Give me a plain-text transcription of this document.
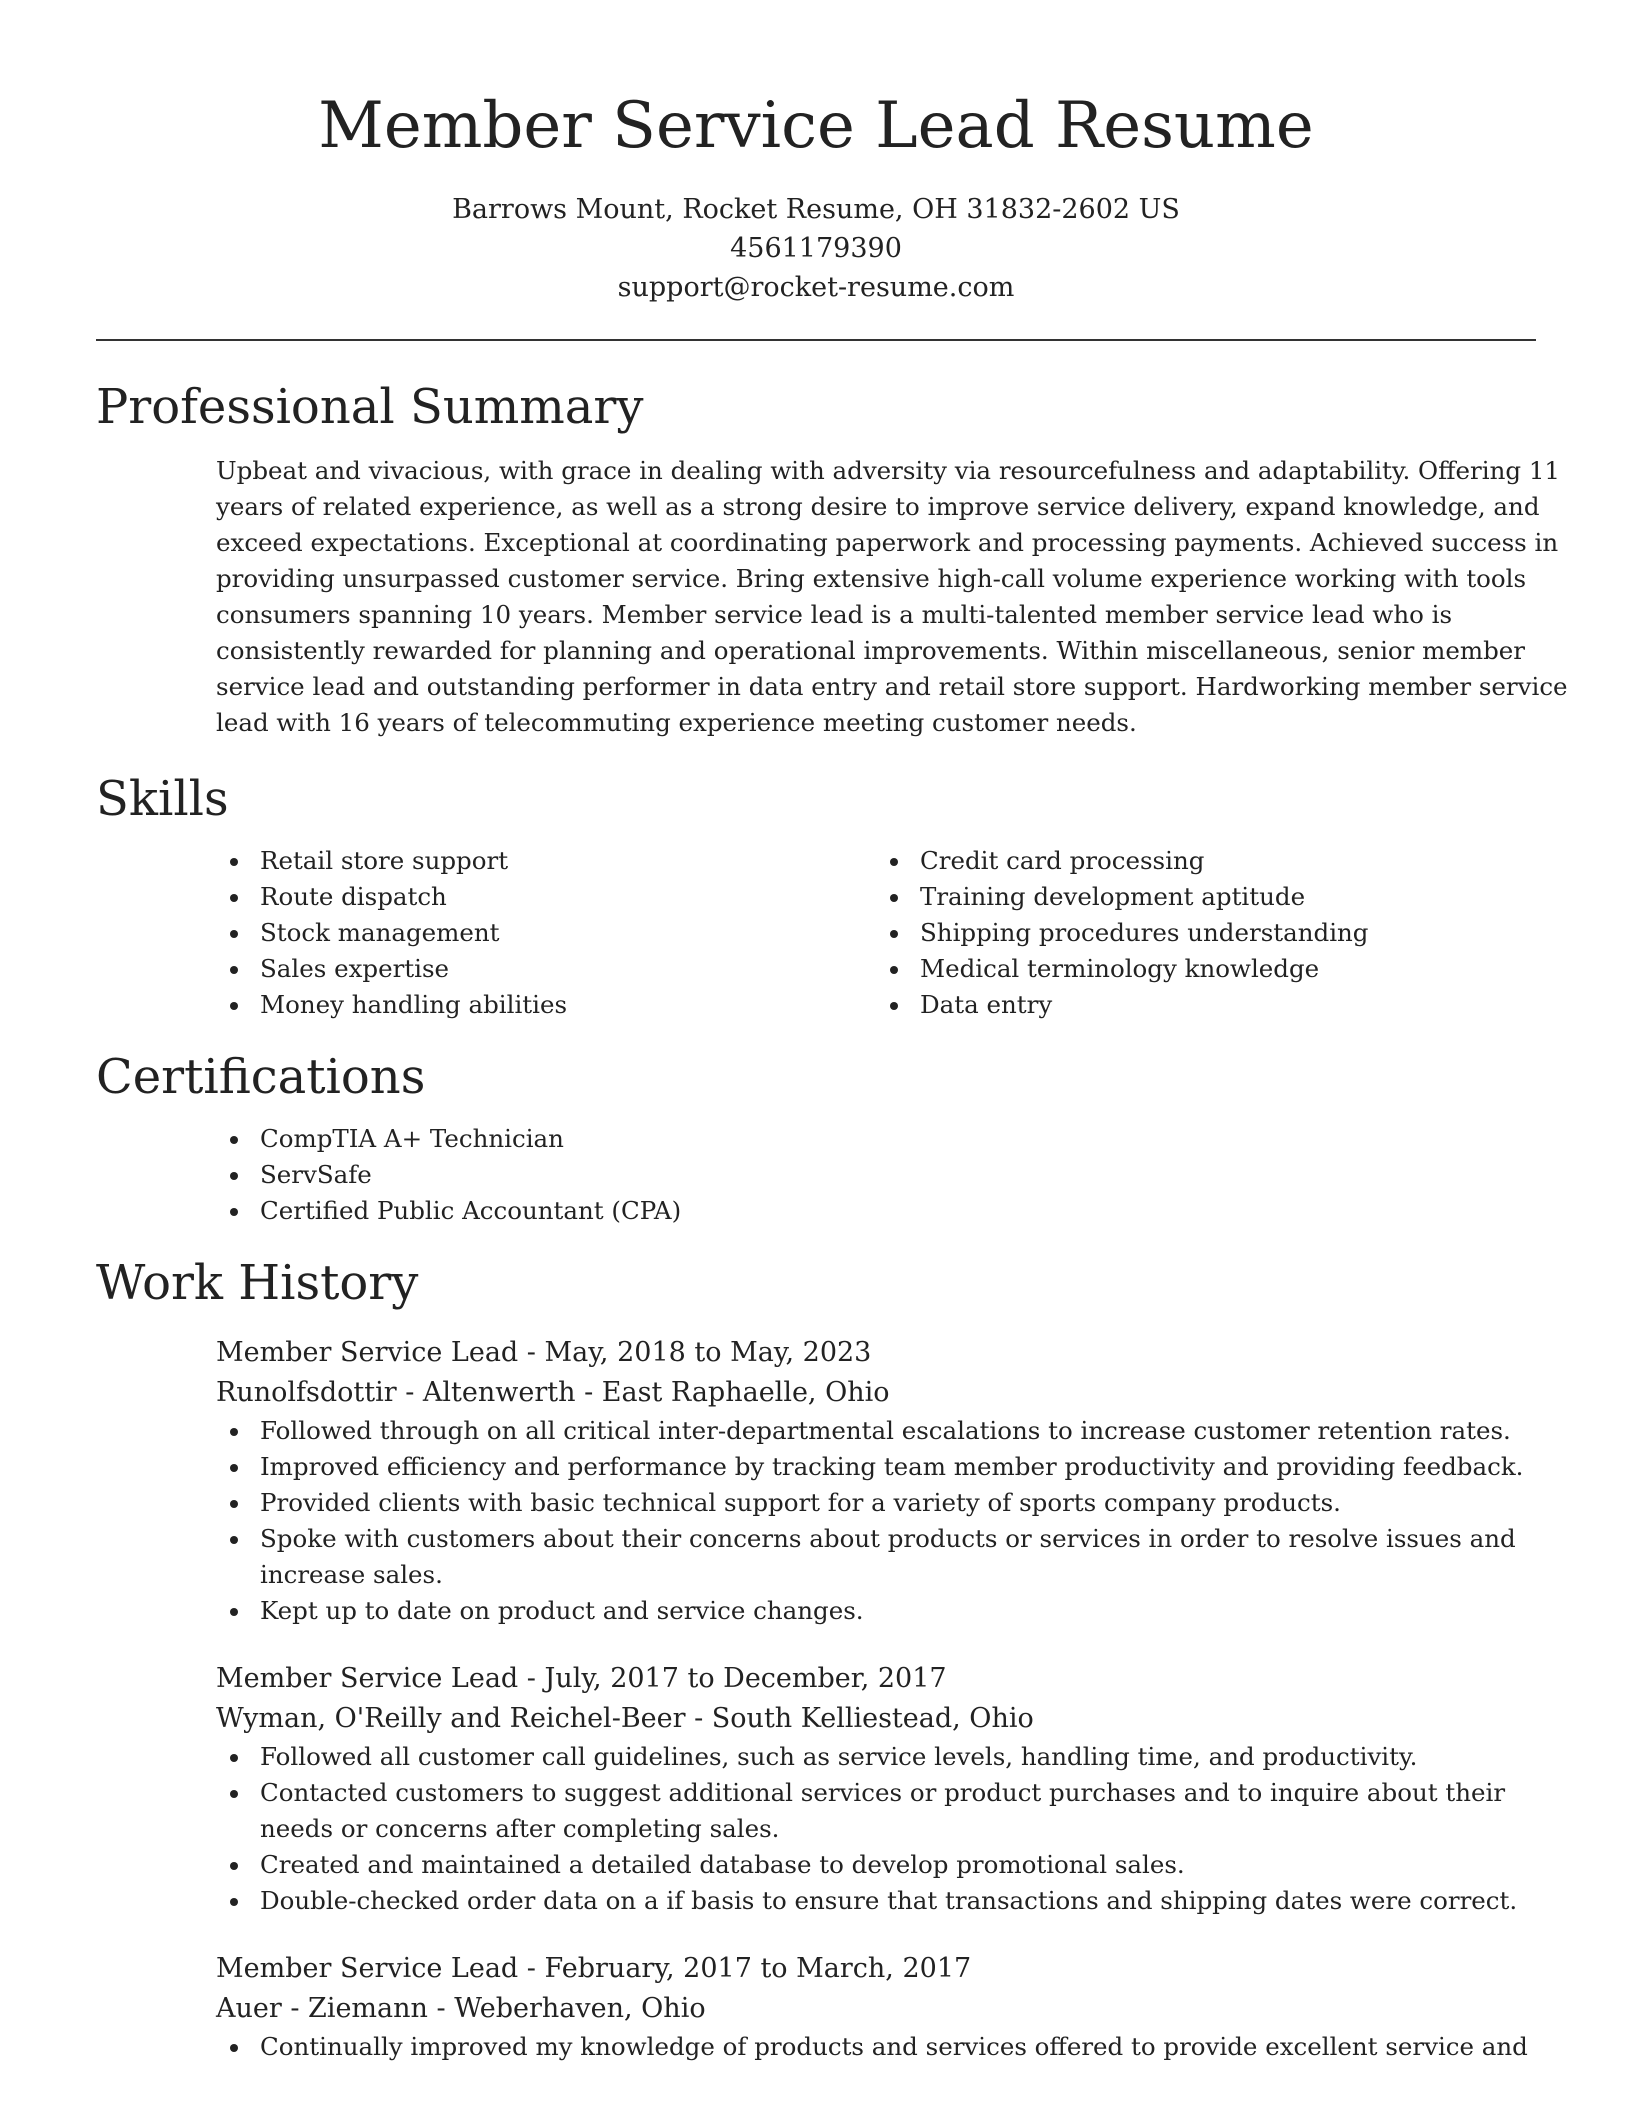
Member Service Lead Resume
Barrows Mount, Rocket Resume, OH 31832-2602 US
4561179390
support@rocket-resume.com
Professional Summary

Upbeat and vivacious, with grace in dealing with adversity via resourcefulness and adaptability. Offering 11 years of related experience, as well as a strong desire to improve service delivery, expand knowledge, and exceed expectations. Exceptional at coordinating paperwork and processing payments. Achieved success in providing unsurpassed customer service. Bring extensive high-call volume experience working with tools consumers spanning 10 years. Member service lead is a multi-talented member service lead who is consistently rewarded for planning and operational improvements. Within miscellaneous, senior member service lead and outstanding performer in data entry and retail store support. Hardworking member service lead with 16 years of telecommuting experience meeting customer needs.

Skills
Retail store support
Route dispatch
Stock management
Sales expertise
Money handling abilities
Credit card processing
Training development aptitude
Shipping procedures understanding
Medical terminology knowledge
Data entry
Certifications
CompTIA A+ Technician
ServSafe
Certified Public Accountant (CPA)
Work History
Member Service Lead - May, 2018 to May, 2023
Runolfsdottir - Altenwerth - East Raphaelle, Ohio
Followed through on all critical inter-departmental escalations to increase customer retention rates.
Improved efficiency and performance by tracking team member productivity and providing feedback.
Provided clients with basic technical support for a variety of sports company products.
Spoke with customers about their concerns about products or services in order to resolve issues and increase sales.
Kept up to date on product and service changes.
Member Service Lead - July, 2017 to December, 2017
Wyman, O'Reilly and Reichel-Beer - South Kelliestead, Ohio
Followed all customer call guidelines, such as service levels, handling time, and productivity.
Contacted customers to suggest additional services or product purchases and to inquire about their needs or concerns after completing sales.
Created and maintained a detailed database to develop promotional sales.
Double-checked order data on a if basis to ensure that transactions and shipping dates were correct.
Member Service Lead - February, 2017 to March, 2017
Auer - Ziemann - Weberhaven, Ohio
Continually improved my knowledge of products and services offered to provide excellent service and
